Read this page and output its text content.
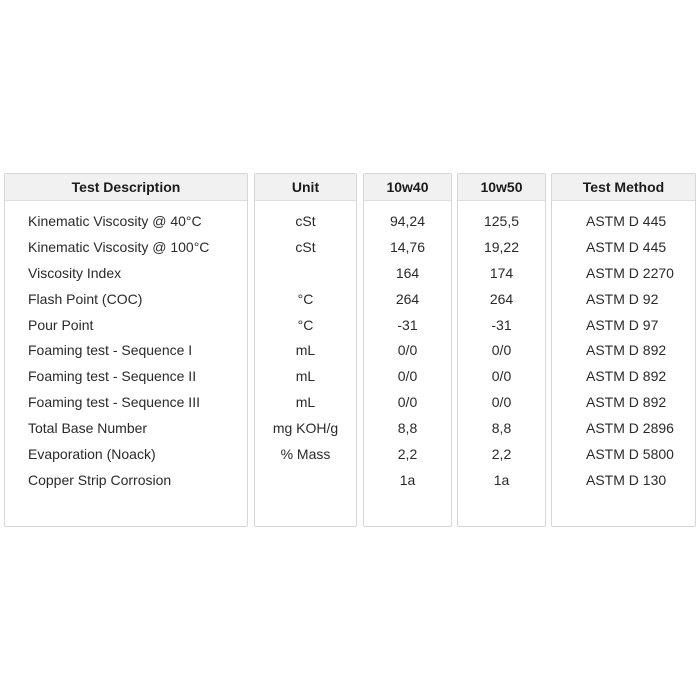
Test Description
Kinematic Viscosity @ 40°C
Kinematic Viscosity @ 100°C
Viscosity Index
Flash Point (COC)
Pour Point
Foaming test - Sequence I
Foaming test - Sequence II
Foaming test - Sequence III
Total Base Number
Evaporation (Noack)
Copper Strip Corrosion
Unit
cSt
cSt
°C
°C
mL
mL
mL
mg KOH/g
% Mass
10w40
94,24
14,76
164
264
-31
0/0
0/0
0/0
8,8
2,2
1a
10w50
125,5
19,22
174
264
-31
0/0
0/0
0/0
8,8
2,2
1a
Test Method
ASTM D 445
ASTM D 445
ASTM D 2270
ASTM D 92
ASTM D 97
ASTM D 892
ASTM D 892
ASTM D 892
ASTM D 2896
ASTM D 5800
ASTM D 130
